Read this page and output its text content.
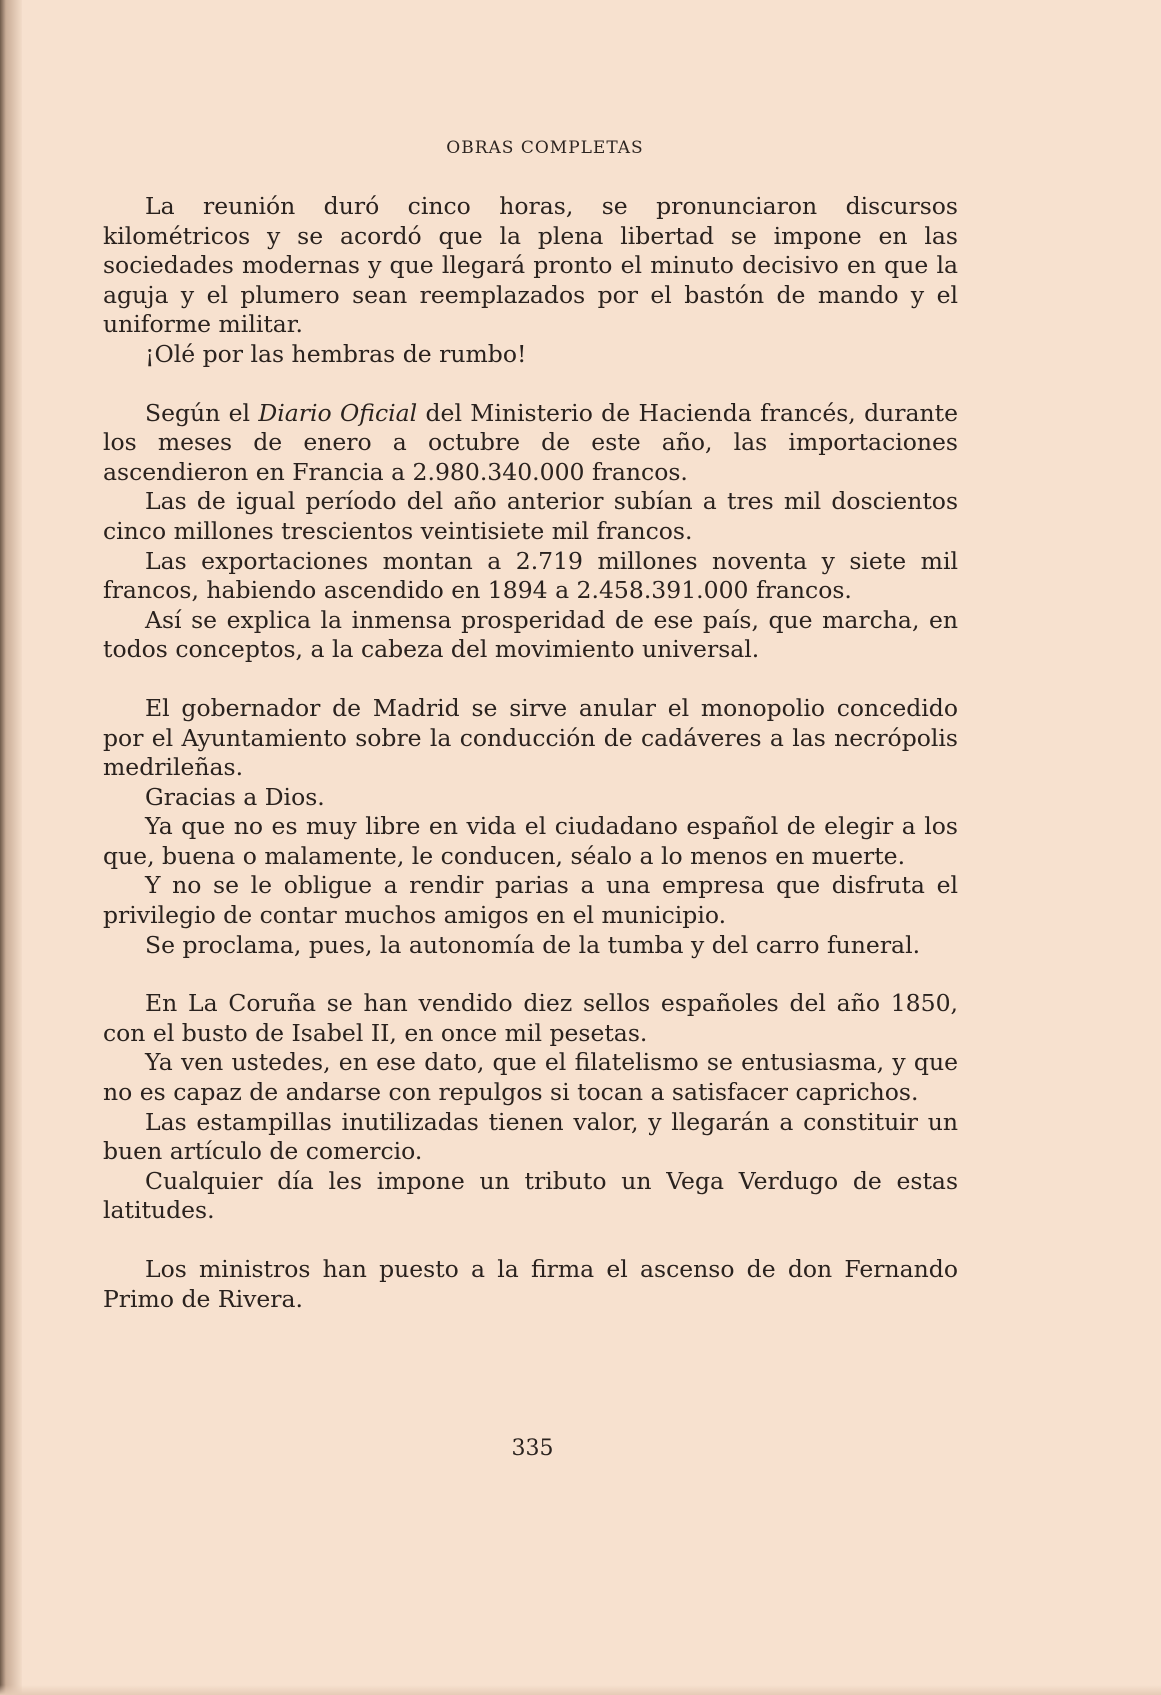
OBRAS COMPLETAS

La reunión duró cinco horas, se pronunciaron discursos kilométricos y se acordó que la plena libertad se impone en las sociedades modernas y que llegará pronto el minuto decisivo en que la aguja y el plumero sean reemplazados por el bastón de mando y el uniforme militar.

¡Olé por las hembras de rumbo!

Según el Diario Oficial del Ministerio de Hacienda francés, durante los meses de enero a octubre de este año, las importaciones ascendieron en Francia a 2.980.340.000 francos.

Las de igual período del año anterior subían a tres mil doscientos cinco millones trescientos veintisiete mil francos.

Las exportaciones montan a 2.719 millones noventa y siete mil francos, habiendo ascendido en 1894 a 2.458.391.000 francos.

Así se explica la inmensa prosperidad de ese país, que marcha, en todos conceptos, a la cabeza del movimiento universal.

El gobernador de Madrid se sirve anular el monopolio concedido por el Ayuntamiento sobre la conducción de cadáveres a las necrópolis medrileñas.

Gracias a Dios.

Ya que no es muy libre en vida el ciudadano español de elegir a los que, buena o malamente, le conducen, séalo a lo menos en muerte.

Y no se le obligue a rendir parias a una empresa que disfruta el privilegio de contar muchos amigos en el municipio.

Se proclama, pues, la autonomía de la tumba y del carro funeral.

En La Coruña se han vendido diez sellos españoles del año 1850, con el busto de Isabel II, en once mil pesetas.

Ya ven ustedes, en ese dato, que el filatelismo se entusiasma, y que no es capaz de andarse con repulgos si tocan a satisfacer caprichos.

Las estampillas inutilizadas tienen valor, y llegarán a constituir un buen artículo de comercio.

Cualquier día les impone un tributo un Vega Verdugo de estas latitudes.

Los ministros han puesto a la firma el ascenso de don Fernando Primo de Rivera.

335
